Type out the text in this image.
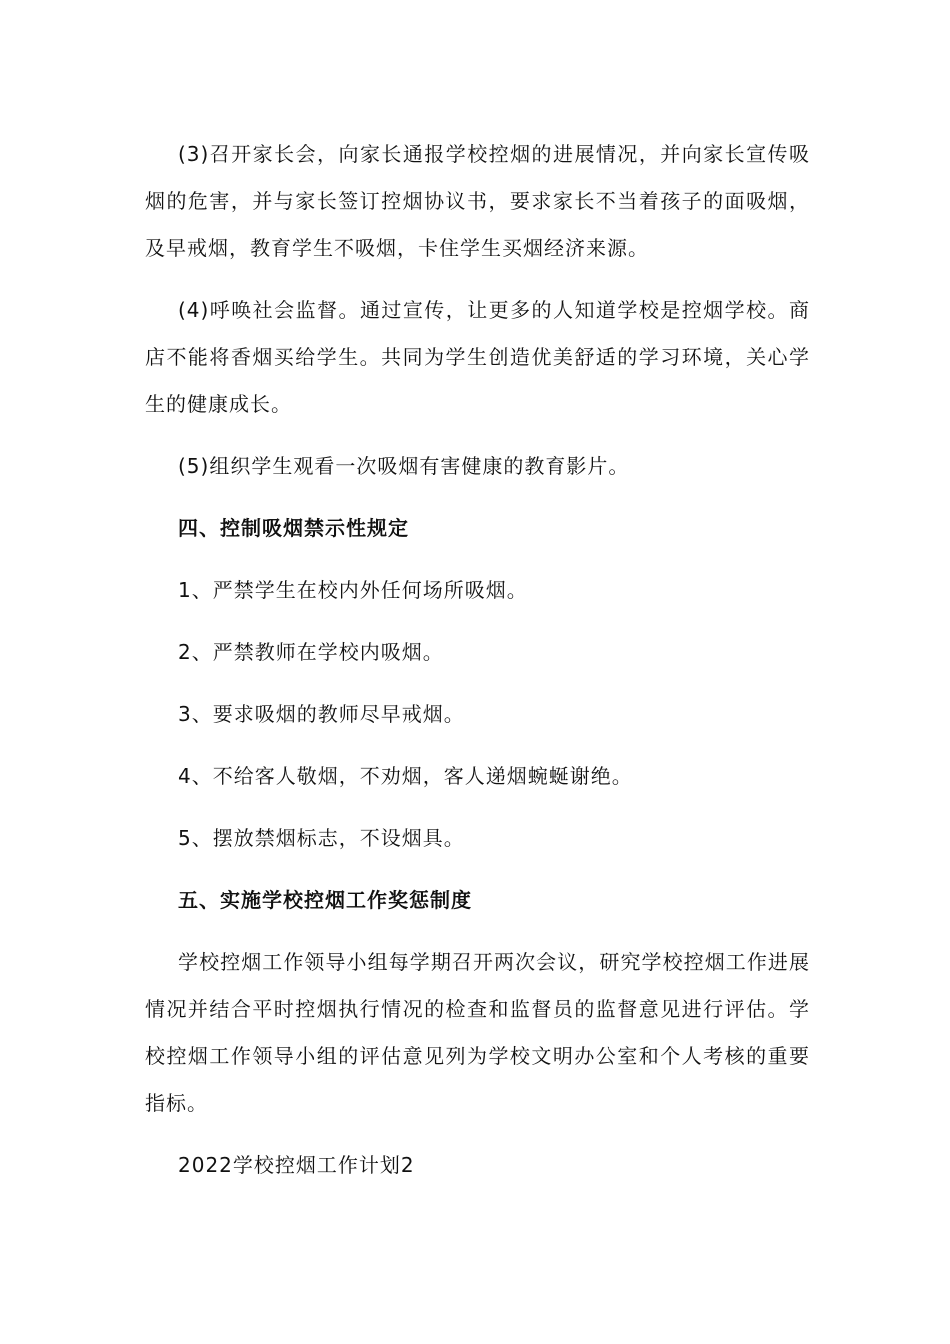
(3)召开家长会，向家长通报学校控烟的进展情况，并向家长宣传吸烟的危害，并与家长签订控烟协议书，要求家长不当着孩子的面吸烟，及早戒烟，教育学生不吸烟，卡住学生买烟经济来源。

(4)呼唤社会监督。通过宣传，让更多的人知道学校是控烟学校。商店不能将香烟买给学生。共同为学生创造优美舒适的学习环境，关心学生的健康成长。

(5)组织学生观看一次吸烟有害健康的教育影片。

四、控制吸烟禁示性规定

1、严禁学生在校内外任何场所吸烟。

2、严禁教师在学校内吸烟。

3、要求吸烟的教师尽早戒烟。

4、不给客人敬烟，不劝烟，客人递烟蜿蜒谢绝。

5、摆放禁烟标志，不设烟具。

五、实施学校控烟工作奖惩制度

学校控烟工作领导小组每学期召开两次会议，研究学校控烟工作进展情况并结合平时控烟执行情况的检查和监督员的监督意见进行评估。学校控烟工作领导小组的评估意见列为学校文明办公室和个人考核的重要指标。

2022学校控烟工作计划2
